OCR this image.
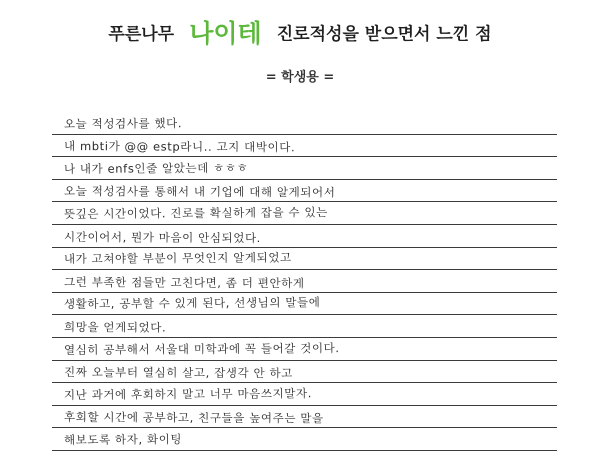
푸른나무 나이테 진로적성을 받으면서 느낀 점
= 학생용 =
오늘 적성검사를 했다.
내 mbti가 @@ estp라니.. 고지 대박이다.
나 내가 enfs인줄 알았는데 ㅎㅎㅎ
오늘 적성검사를 통해서 내 기업에 대해 알게되어서
뜻깊은 시간이었다. 진로를 확실하게 잡을 수 있는
시간이어서, 뭔가 마음이 안심되었다.
내가 고쳐야할 부분이 무엇인지 알게되었고
그런 부족한 점들만 고친다면, 좀 더 편안하게
생활하고, 공부할 수 있게 된다, 선생님의 말들에
희망을 얻게되었다.
열심히 공부해서 서울대 미학과에 꼭 들어갈 것이다.
진짜 오늘부터 열심히 살고, 잡생각 안 하고
지난 과거에 후회하지 말고 너무 마음쓰지말자.
후회할 시간에 공부하고, 친구들을 높여주는 말을
해보도록 하자, 화이팅
